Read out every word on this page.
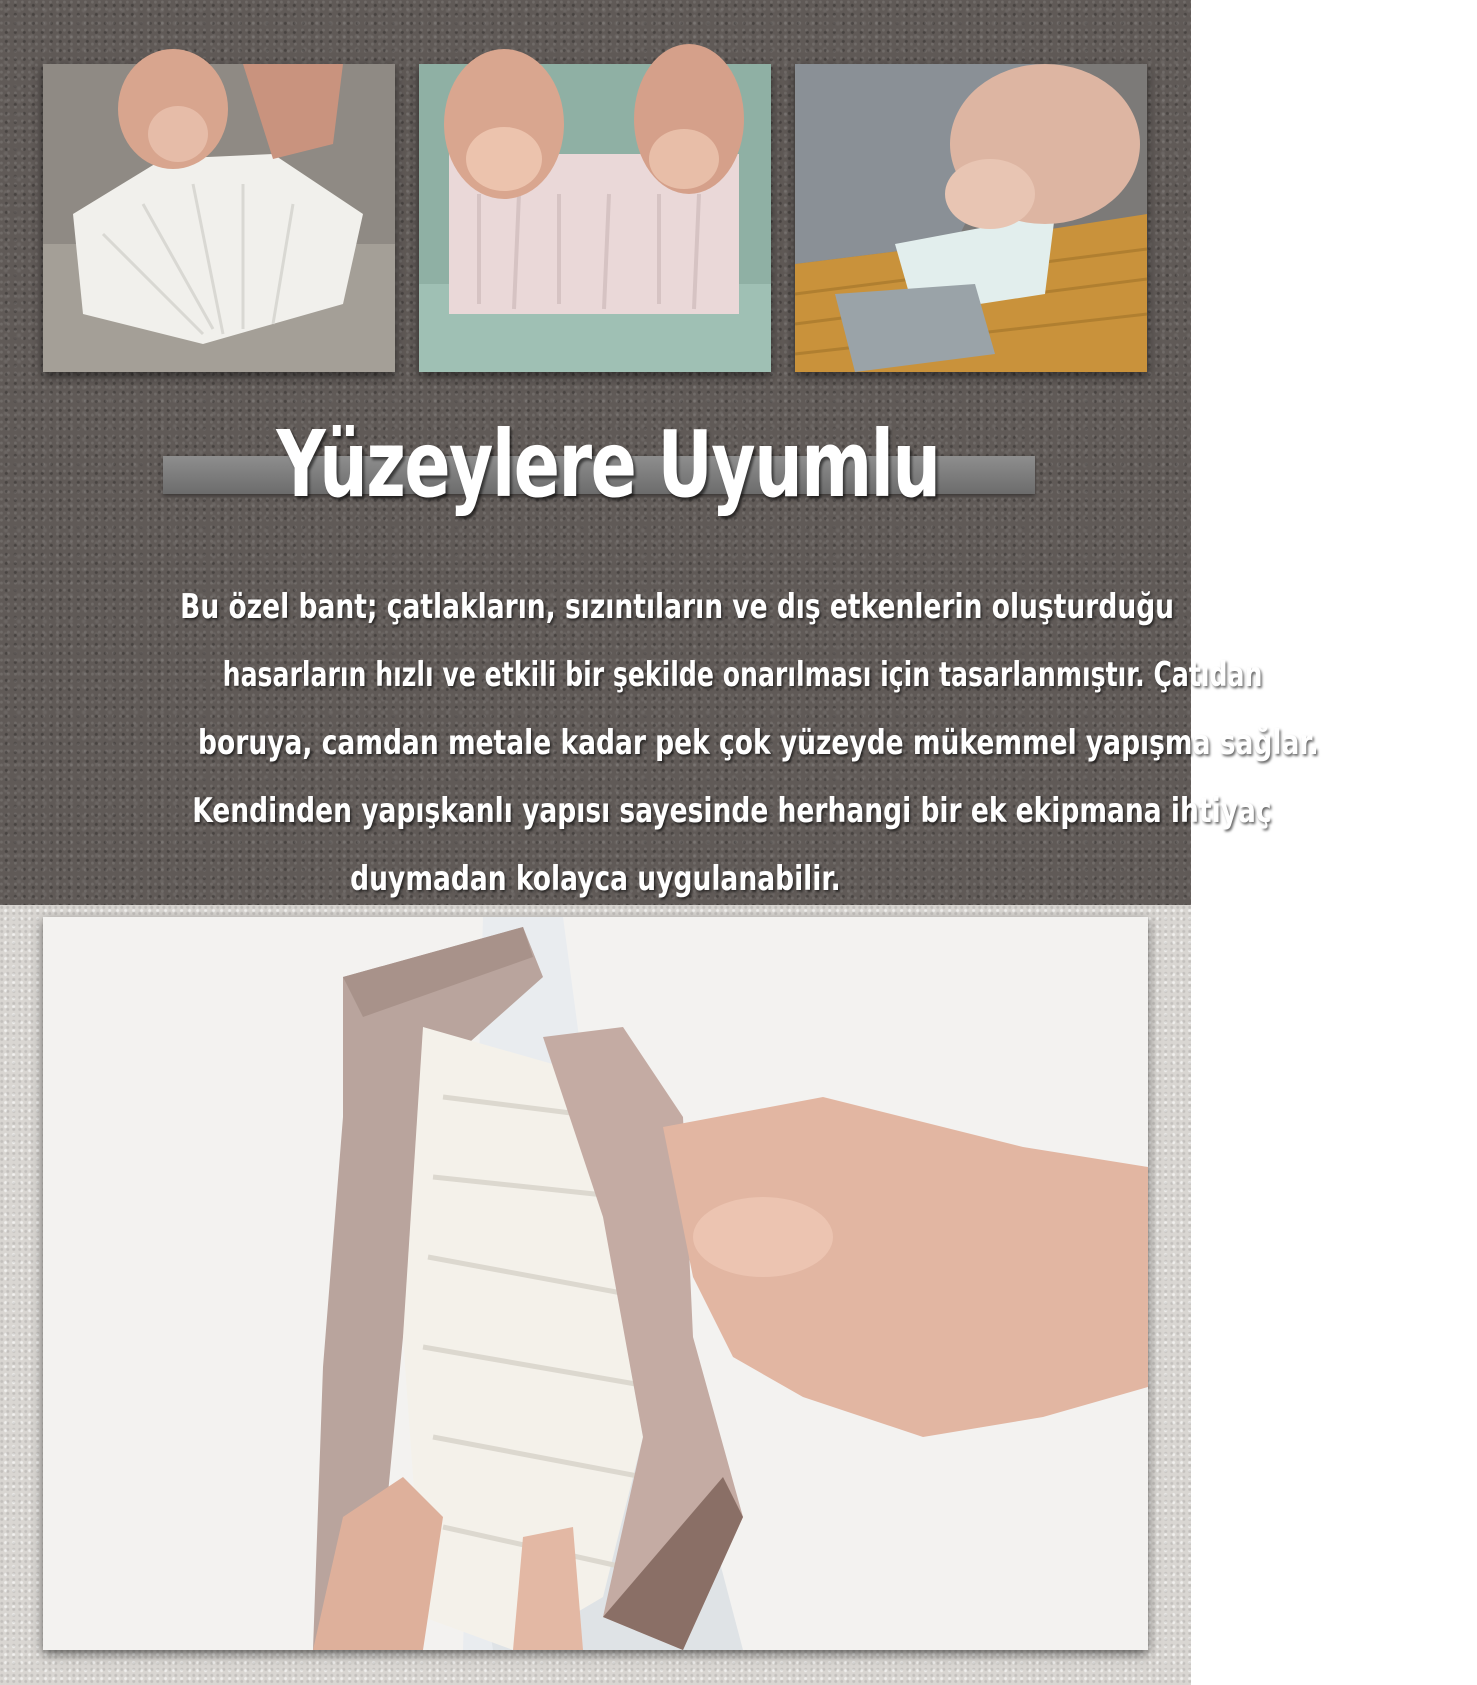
Yüzeylere Uyumlu
Bu özel bant; çatlakların, sızıntıların ve dış etkenlerin oluşturduğu
hasarların hızlı ve etkili bir şekilde onarılması için tasarlanmıştır. Çatıdan
boruya, camdan metale kadar pek çok yüzeyde mükemmel yapışma sağlar.
Kendinden yapışkanlı yapısı sayesinde herhangi bir ek ekipmana ihtiyaç
duymadan kolayca uygulanabilir.
